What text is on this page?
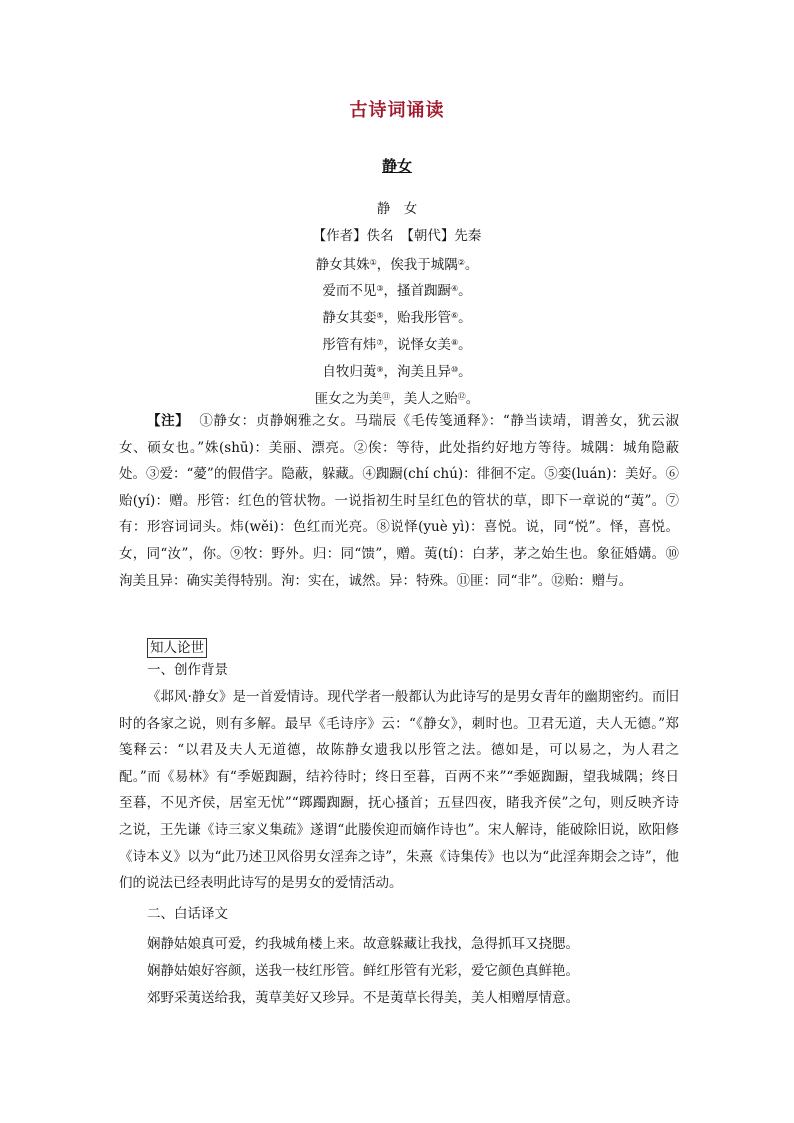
古诗词诵读
静女
静　女
【作者】佚名　【朝代】先秦
静女其姝①，俟我于城隅②。
爱而不见③，搔首踟蹰④。
静女其娈⑤，贻我彤管⑥。
彤管有炜⑦，说怿女美⑧。
自牧归荑⑨，洵美且异⑩。
匪女之为美⑪，美人之贻⑫。
【注】 ①静女：贞静娴雅之女。马瑞辰《毛传笺通释》：“静当读靖，谓善女，犹云淑女、硕女也。”姝(shū)：美丽、漂亮。②俟：等待，此处指约好地方等待。城隅：城角隐蔽处。③爱：“薆”的假借字。隐蔽，躲藏。④踟蹰(chí chú)：徘徊不定。⑤娈(luán)：美好。⑥贻(yí)：赠。彤管：红色的管状物。一说指初生时呈红色的管状的草，即下一章说的“荑”。⑦有：形容词词头。炜(wěi)：色红而光亮。⑧说怿(yuè yì)：喜悦。说，同“悦”。怿，喜悦。女，同“汝”，你。⑨牧：野外。归：同“馈”，赠。荑(tí)：白茅，茅之始生也。象征婚媾。⑩洵美且异：确实美得特别。洵：实在，诚然。异：特殊。⑪匪：同“非”。⑫贻：赠与。
知人论世
一、创作背景
《邶风·静女》是一首爱情诗。现代学者一般都认为此诗写的是男女青年的幽期密约。而旧时的各家之说，则有多解。最早《毛诗序》云：“《静女》，刺时也。卫君无道，夫人无德。”郑笺释云：“以君及夫人无道德，故陈静女遗我以彤管之法。德如是，可以易之，为人君之配。”而《易林》有“季姬踟蹰，结衿待时；终日至暮，百两不来”“季姬踟蹰，望我城隅；终日至暮，不见齐侯，居室无忧”“踯躅踟蹰，抚心搔首；五昼四夜，睹我齐侯”之句，则反映齐诗之说，王先谦《诗三家义集疏》遂谓“此媵俟迎而嫡作诗也”。宋人解诗，能破除旧说，欧阳修《诗本义》以为“此乃述卫风俗男女淫奔之诗”，朱熹《诗集传》也以为“此淫奔期会之诗”，他们的说法已经表明此诗写的是男女的爱情活动。
二、白话译文
娴静姑娘真可爱，约我城角楼上来。故意躲藏让我找，急得抓耳又挠腮。
娴静姑娘好容颜，送我一枝红彤管。鲜红彤管有光彩，爱它颜色真鲜艳。
郊野采荑送给我，荑草美好又珍异。不是荑草长得美，美人相赠厚情意。
